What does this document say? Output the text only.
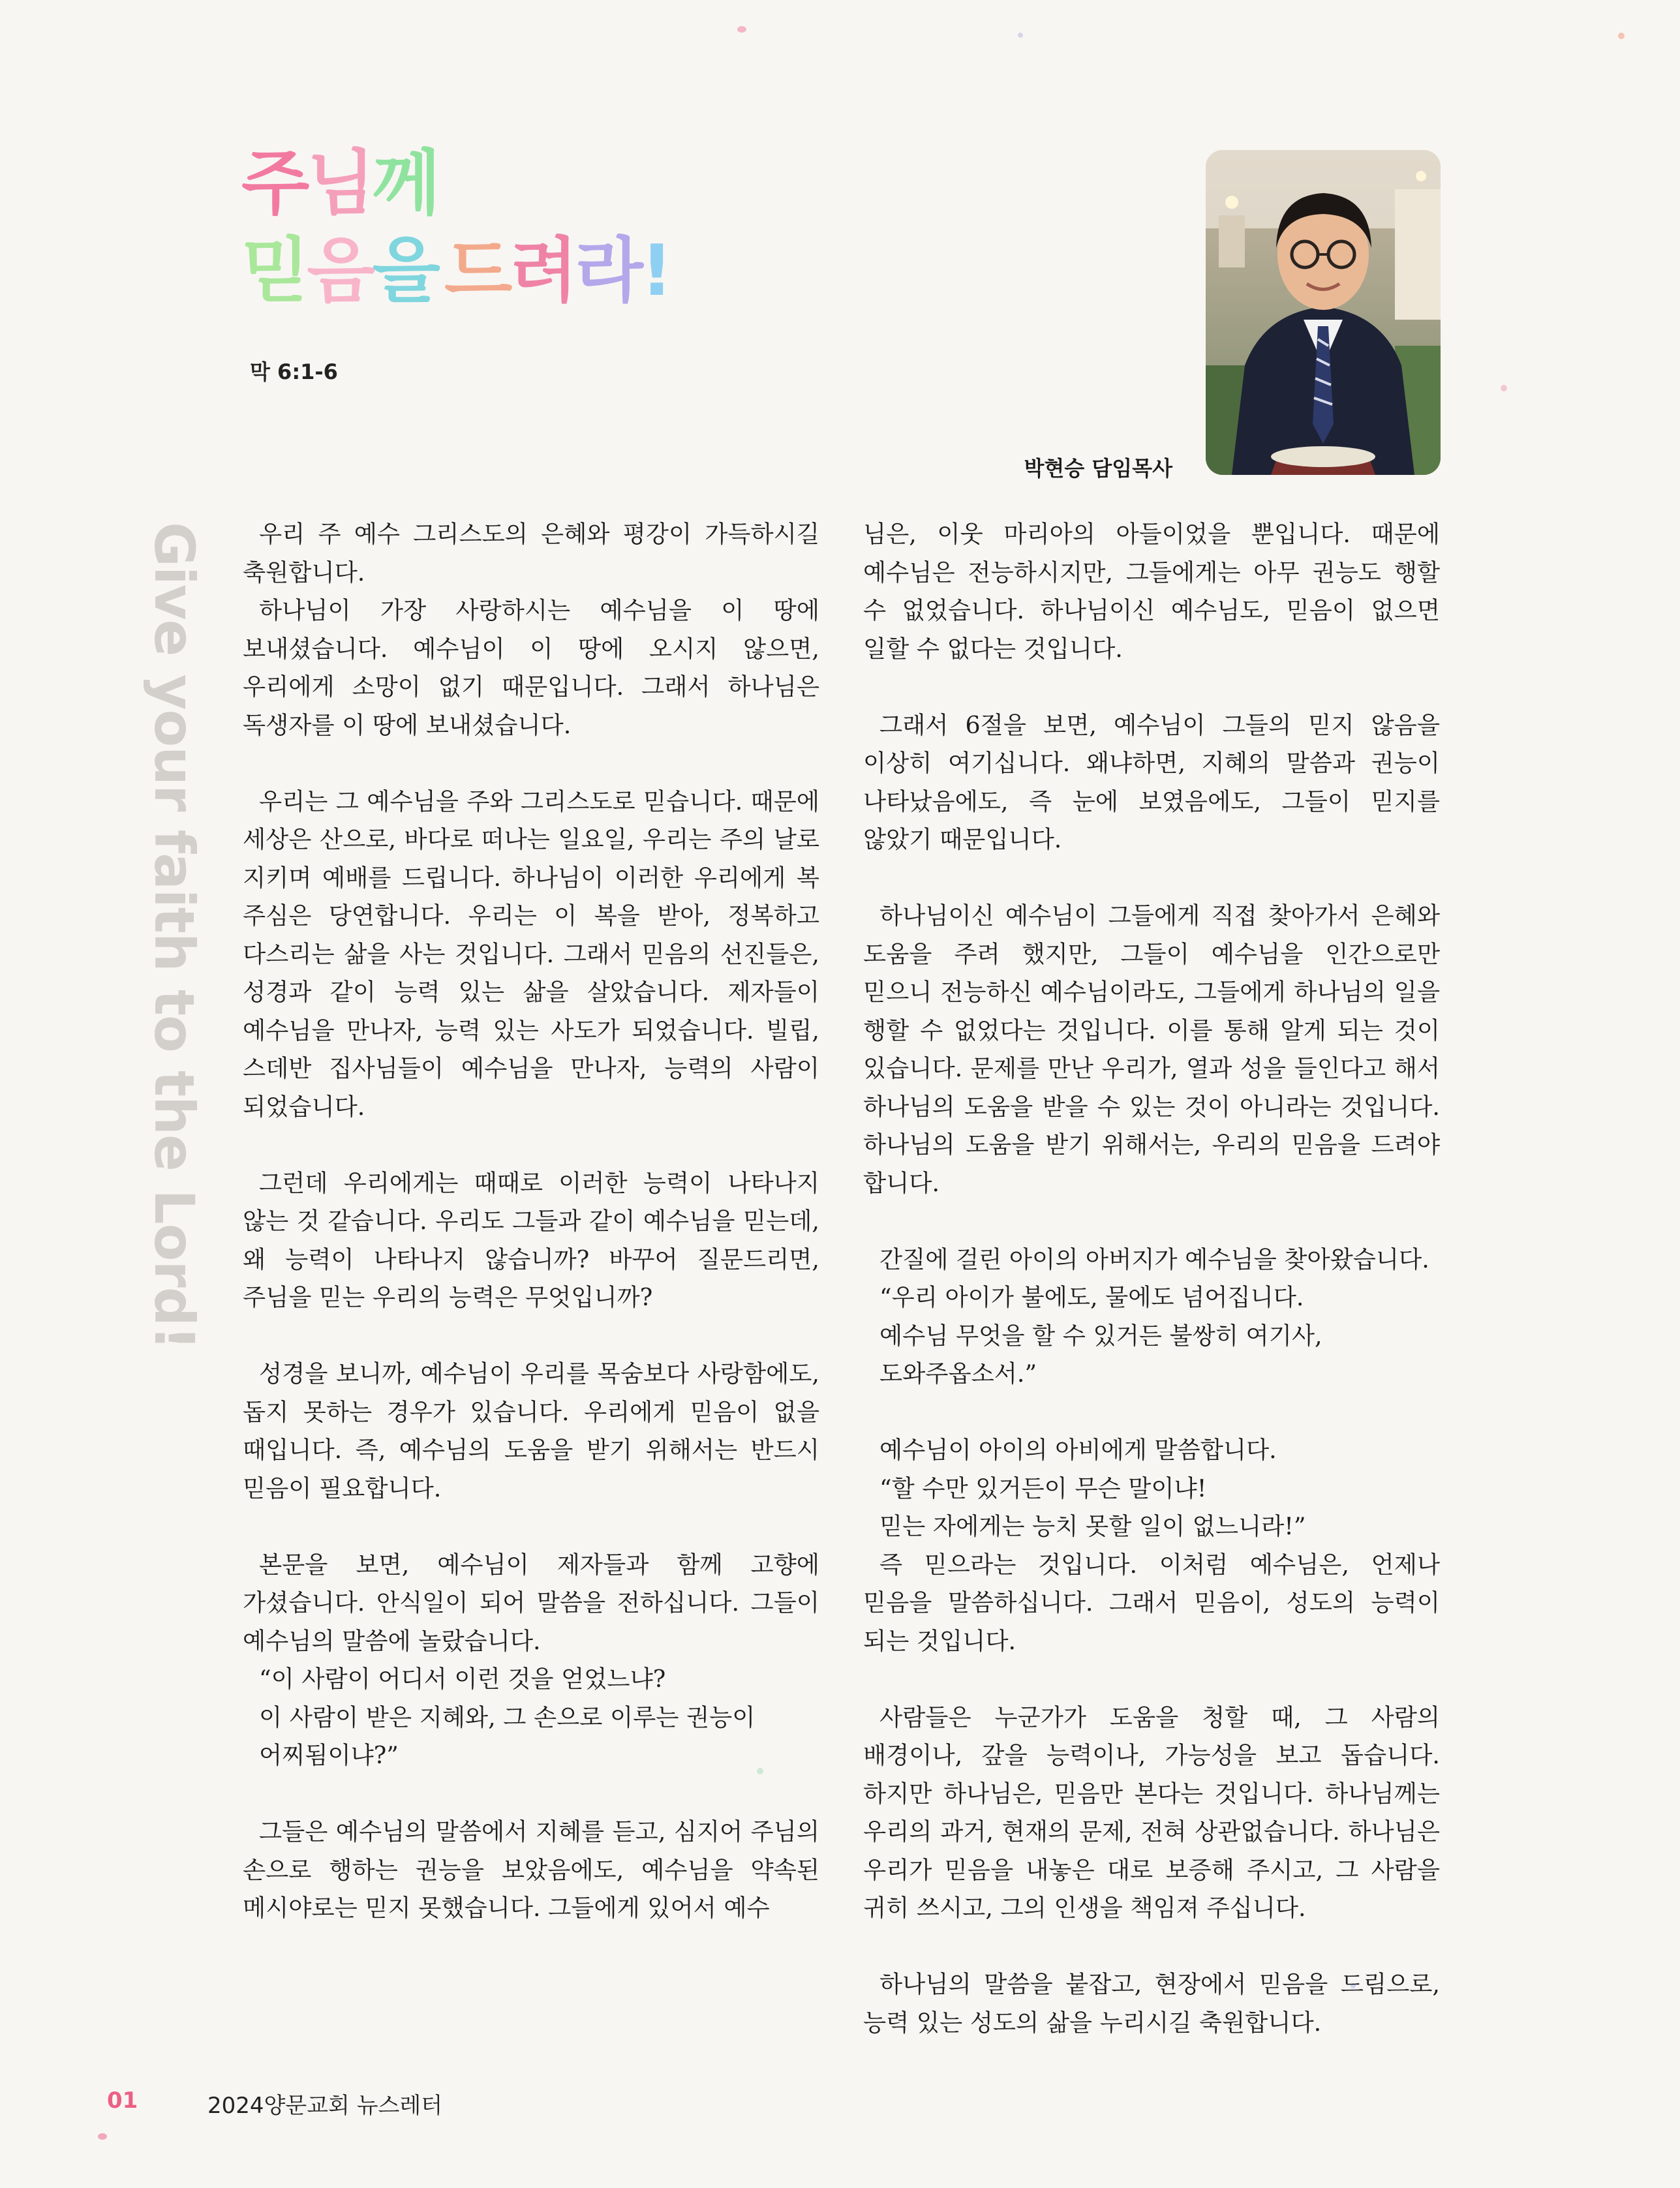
주님께
믿음을 드려라!
막 6:1-6
박현승 담임목사
Give your faith to the Lord!	우리 주 예수 그리스도의 은혜와 평강이 가득하시길 축원합니다.

하나님이 가장 사랑하시는 예수님을 이 땅에 보내셨습니다. 예수님이 이 땅에 오시지 않으면, 우리에게 소망이 없기 때문입니다. 그래서 하나님은 독생자를 이 땅에 보내셨습니다.

우리는 그 예수님을 주와 그리스도로 믿습니다. 때문에 세상은 산으로, 바다로 떠나는 일요일, 우리는 주의 날로 지키며 예배를 드립니다. 하나님이 이러한 우리에게 복 주심은 당연합니다. 우리는 이 복을 받아, 정복하고 다스리는 삶을 사는 것입니다. 그래서 믿음의 선진들은, 성경과 같이 능력 있는 삶을 살았습니다. 제자들이 예수님을 만나자, 능력 있는 사도가 되었습니다. 빌립, 스데반 집사님들이 예수님을 만나자, 능력의 사람이 되었습니다.

그런데 우리에게는 때때로 이러한 능력이 나타나지 않는 것 같습니다. 우리도 그들과 같이 예수님을 믿는데, 왜 능력이 나타나지 않습니까? 바꾸어 질문드리면, 주님을 믿는 우리의 능력은 무엇입니까?

성경을 보니까, 예수님이 우리를 목숨보다 사랑함에도, 돕지 못하는 경우가 있습니다. 우리에게 믿음이 없을 때입니다. 즉, 예수님의 도움을 받기 위해서는 반드시 믿음이 필요합니다.

본문을 보면, 예수님이 제자들과 함께 고향에 가셨습니다. 안식일이 되어 말씀을 전하십니다. 그들이 예수님의 말씀에 놀랐습니다.

“이 사람이 어디서 이런 것을 얻었느냐?

이 사람이 받은 지혜와, 그 손으로 이루는 권능이

어찌됨이냐?”

그들은 예수님의 말씀에서 지혜를 듣고, 심지어 주님의 손으로 행하는 권능을 보았음에도, 예수님을 약속된 메시야로는 믿지 못했습니다. 그들에게 있어서 예수

님은, 이웃 마리아의 아들이었을 뿐입니다. 때문에 예수님은 전능하시지만, 그들에게는 아무 권능도 행할 수 없었습니다. 하나님이신 예수님도, 믿음이 없으면 일할 수 없다는 것입니다.

그래서 6절을 보면, 예수님이 그들의 믿지 않음을 이상히 여기십니다. 왜냐하면, 지혜의 말씀과 권능이 나타났음에도, 즉 눈에 보였음에도, 그들이 믿지를 않았기 때문입니다.

하나님이신 예수님이 그들에게 직접 찾아가서 은혜와 도움을 주려 했지만, 그들이 예수님을 인간으로만 믿으니 전능하신 예수님이라도, 그들에게 하나님의 일을 행할 수 없었다는 것입니다. 이를 통해 알게 되는 것이 있습니다. 문제를 만난 우리가, 열과 성을 들인다고 해서 하나님의 도움을 받을 수 있는 것이 아니라는 것입니다. 하나님의 도움을 받기 위해서는, 우리의 믿음을 드려야 합니다.

간질에 걸린 아이의 아버지가 예수님을 찾아왔습니다.

“우리 아이가 불에도, 물에도 넘어집니다.

예수님 무엇을 할 수 있거든 불쌍히 여기사,

도와주옵소서.”

예수님이 아이의 아비에게 말씀합니다.

“할 수만 있거든이 무슨 말이냐!

믿는 자에게는 능치 못할 일이 없느니라!”

즉 믿으라는 것입니다. 이처럼 예수님은, 언제나 믿음을 말씀하십니다. 그래서 믿음이, 성도의 능력이 되는 것입니다.

사람들은 누군가가 도움을 청할 때, 그 사람의 배경이나, 갚을 능력이나, 가능성을 보고 돕습니다. 하지만 하나님은, 믿음만 본다는 것입니다. 하나님께는 우리의 과거, 현재의 문제, 전혀 상관없습니다. 하나님은 우리가 믿음을 내놓은 대로 보증해 주시고, 그 사람을 귀히 쓰시고, 그의 인생을 책임져 주십니다.

하나님의 말씀을 붙잡고, 현장에서 믿음을 드림으로, 능력 있는 성도의 삶을 누리시길 축원합니다.

01	2024양문교회 뉴스레터
